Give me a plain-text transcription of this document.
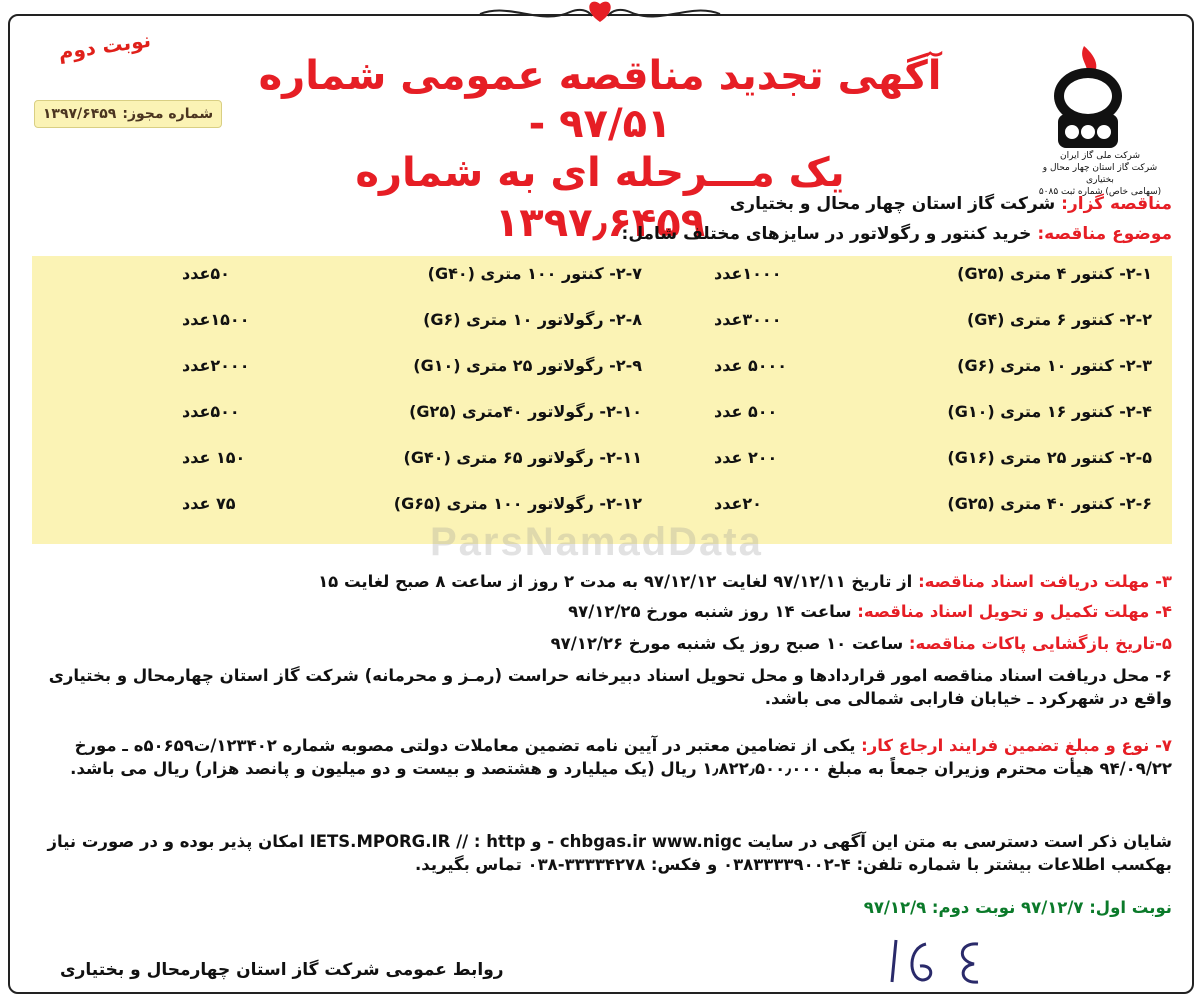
شرکت ملی گاز ایران
شرکت گاز استان چهار محال و بختیاری
(سهامی خاص) شماره ثبت ۵۰۸۵
نوبت دوم
شماره مجوز:
۱۳۹۷/۶۴۵۹
آگهی تجدید مناقصه عمومی شماره ۹۷/۵۱ -
یک مـــرحله ای به شماره ۱۳۹۷٫۶۴۵۹	مناقصه گزار: شرکت گاز استان چهار محال و بختیاری
موضوع مناقصه: خرید کنتور و رگولاتور در سایزهای مختلف شامل:
۲-۱- کنتور ۴ متری (G۲۵)
۱۰۰۰عدد
۲-۲- کنتور ۶ متری (G۴)
۳۰۰۰عدد
۲-۳- کنتور ۱۰ متری (G۶)
۵۰۰۰ عدد
۲-۴- کنتور ۱۶ متری (G۱۰)
۵۰۰ عدد
۲-۵- کنتور ۲۵ متری (G۱۶)
۲۰۰ عدد
۲-۶- کنتور ۴۰ متری (G۲۵)
۲۰عدد
۲-۷- کنتور ۱۰۰ متری (G۴۰)
۵۰عدد
۲-۸- رگولاتور ۱۰ متری (G۶)
۱۵۰۰عدد
۲-۹- رگولاتور ۲۵ متری (G۱۰)
۲۰۰۰عدد
۲-۱۰- رگولاتور ۴۰متری (G۲۵)
۵۰۰عدد
۲-۱۱- رگولاتور ۶۵ متری (G۴۰)
۱۵۰ عدد
۲-۱۲- رگولاتور ۱۰۰ متری (G۶۵)
۷۵ عدد
ParsNamadData
۳- مهلت دریافت اسناد مناقصه: از تاریخ ۹۷/۱۲/۱۱ لغایت ۹۷/۱۲/۱۲ به مدت ۲ روز از ساعت ۸ صبح لغایت ۱۵
۴- مهلت تکمیل و تحویل اسناد مناقصه: ساعت ۱۴ روز شنبه مورخ ۹۷/۱۲/۲۵
۵-تاریخ بازگشایی پاکات مناقصه: ساعت ۱۰ صبح روز یک شنبه مورخ ۹۷/۱۲/۲۶
۶- محل دریافت اسناد مناقصه امور قراردادها و محل تحویل اسناد دبیرخانه حراست (رمـز و محرمانه) شرکت گاز استان چهارمحال و بختیاری واقع در شهرکرد ـ خیابان فارابی شمالی می باشد.
۷- نوع و مبلغ تضمین فرایند ارجاع کار: یکی از تضامین معتبر در آیین نامه تضمین معاملات دولتی مصوبه شماره ۱۲۳۴۰۲/ت۵۰۶۵۹ه ـ مورخ ۹۴/۰۹/۲۲ هیأت محترم وزیران جمعاً به مبلغ ۱٫۸۲۲٫۵۰۰٫۰۰۰ ریال (یک میلیارد و هشتصد و بیست و دو میلیون و پانصد هزار) ریال می باشد.
شایان ذکر است دسترسی به متن این آگهی در سایت chbgas.ir www.nigc - و IETS.MPORG.IR // : http امکان پذیر بوده و در صورت نیاز بهکسب اطلاعات بیشتر با شماره تلفن: ۴-۰۳۸۳۳۳۳۹۰۰۲ و فکس: ۳۳۳۳۴۲۷۸-۰۳۸ تماس بگیرید.
نوبت اول: ۹۷/۱۲/۷ نوبت دوم: ۹۷/۱۲/۹
روابط عمومی شرکت گاز استان چهارمحال و بختیاری
